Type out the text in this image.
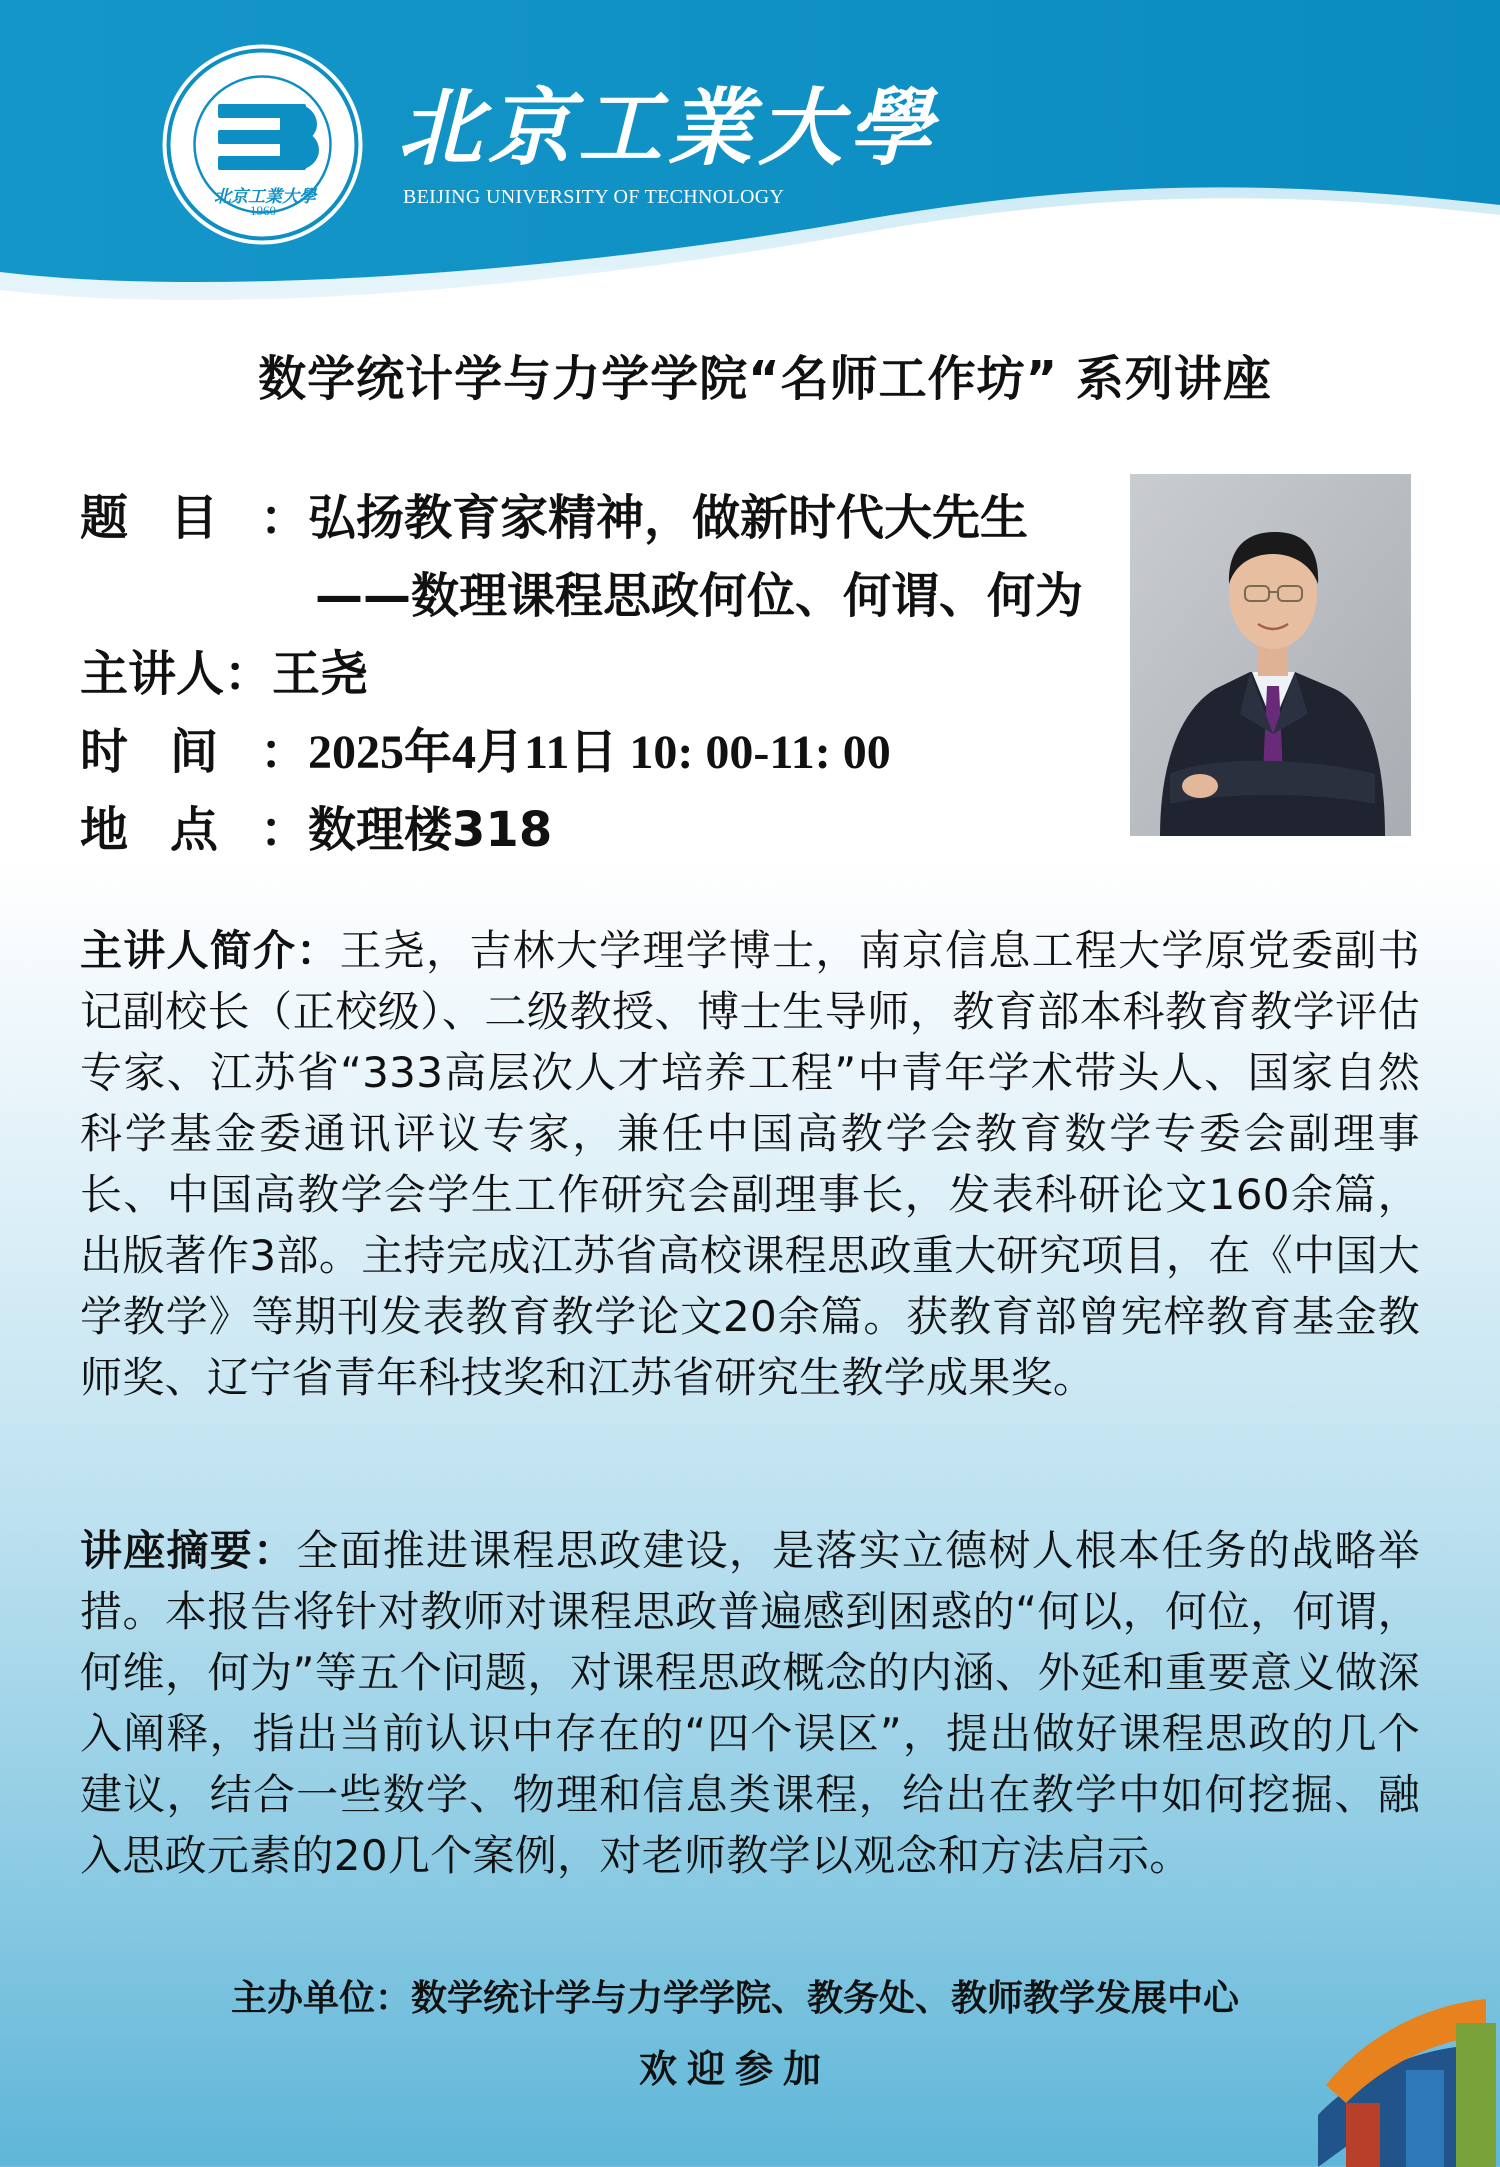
北京工業大學
1960
北京工業大學
BEIJING UNIVERSITY OF TECHNOLOGY
数学统计学与力学学院“名师工作坊” 系列讲座
题目：弘扬教育家精神，做新时代大先生
——数理课程思政何位、何谓、何为
主讲人：王尧
时间：2025年4月11日 10: 00-11: 00
地点：数理楼318
主讲人简介：王尧，吉林大学理学博士，南京信息工程大学原党委副书记副校长（正校级）、二级教授、博士生导师，教育部本科教育教学评估专家、江苏省“333高层次人才培养工程”中青年学术带头人、国家自然科学基金委通讯评议专家，兼任中国高教学会教育数学专委会副理事长、中国高教学会学生工作研究会副理事长，发表科研论文160余篇，出版著作3部。主持完成江苏省高校课程思政重大研究项目，在《中国大学教学》等期刊发表教育教学论文20余篇。获教育部曾宪梓教育基金教师奖、辽宁省青年科技奖和江苏省研究生教学成果奖。
讲座摘要：全面推进课程思政建设，是落实立德树人根本任务的战略举措。本报告将针对教师对课程思政普遍感到困惑的“何以，何位，何谓，何维，何为”等五个问题，对课程思政概念的内涵、外延和重要意义做深入阐释，指出当前认识中存在的“四个误区”，提出做好课程思政的几个建议，结合一些数学、物理和信息类课程，给出在教学中如何挖掘、融入思政元素的20几个案例，对老师教学以观念和方法启示。
主办单位：数学统计学与力学学院、教务处、教师教学发展中心
欢迎参加
